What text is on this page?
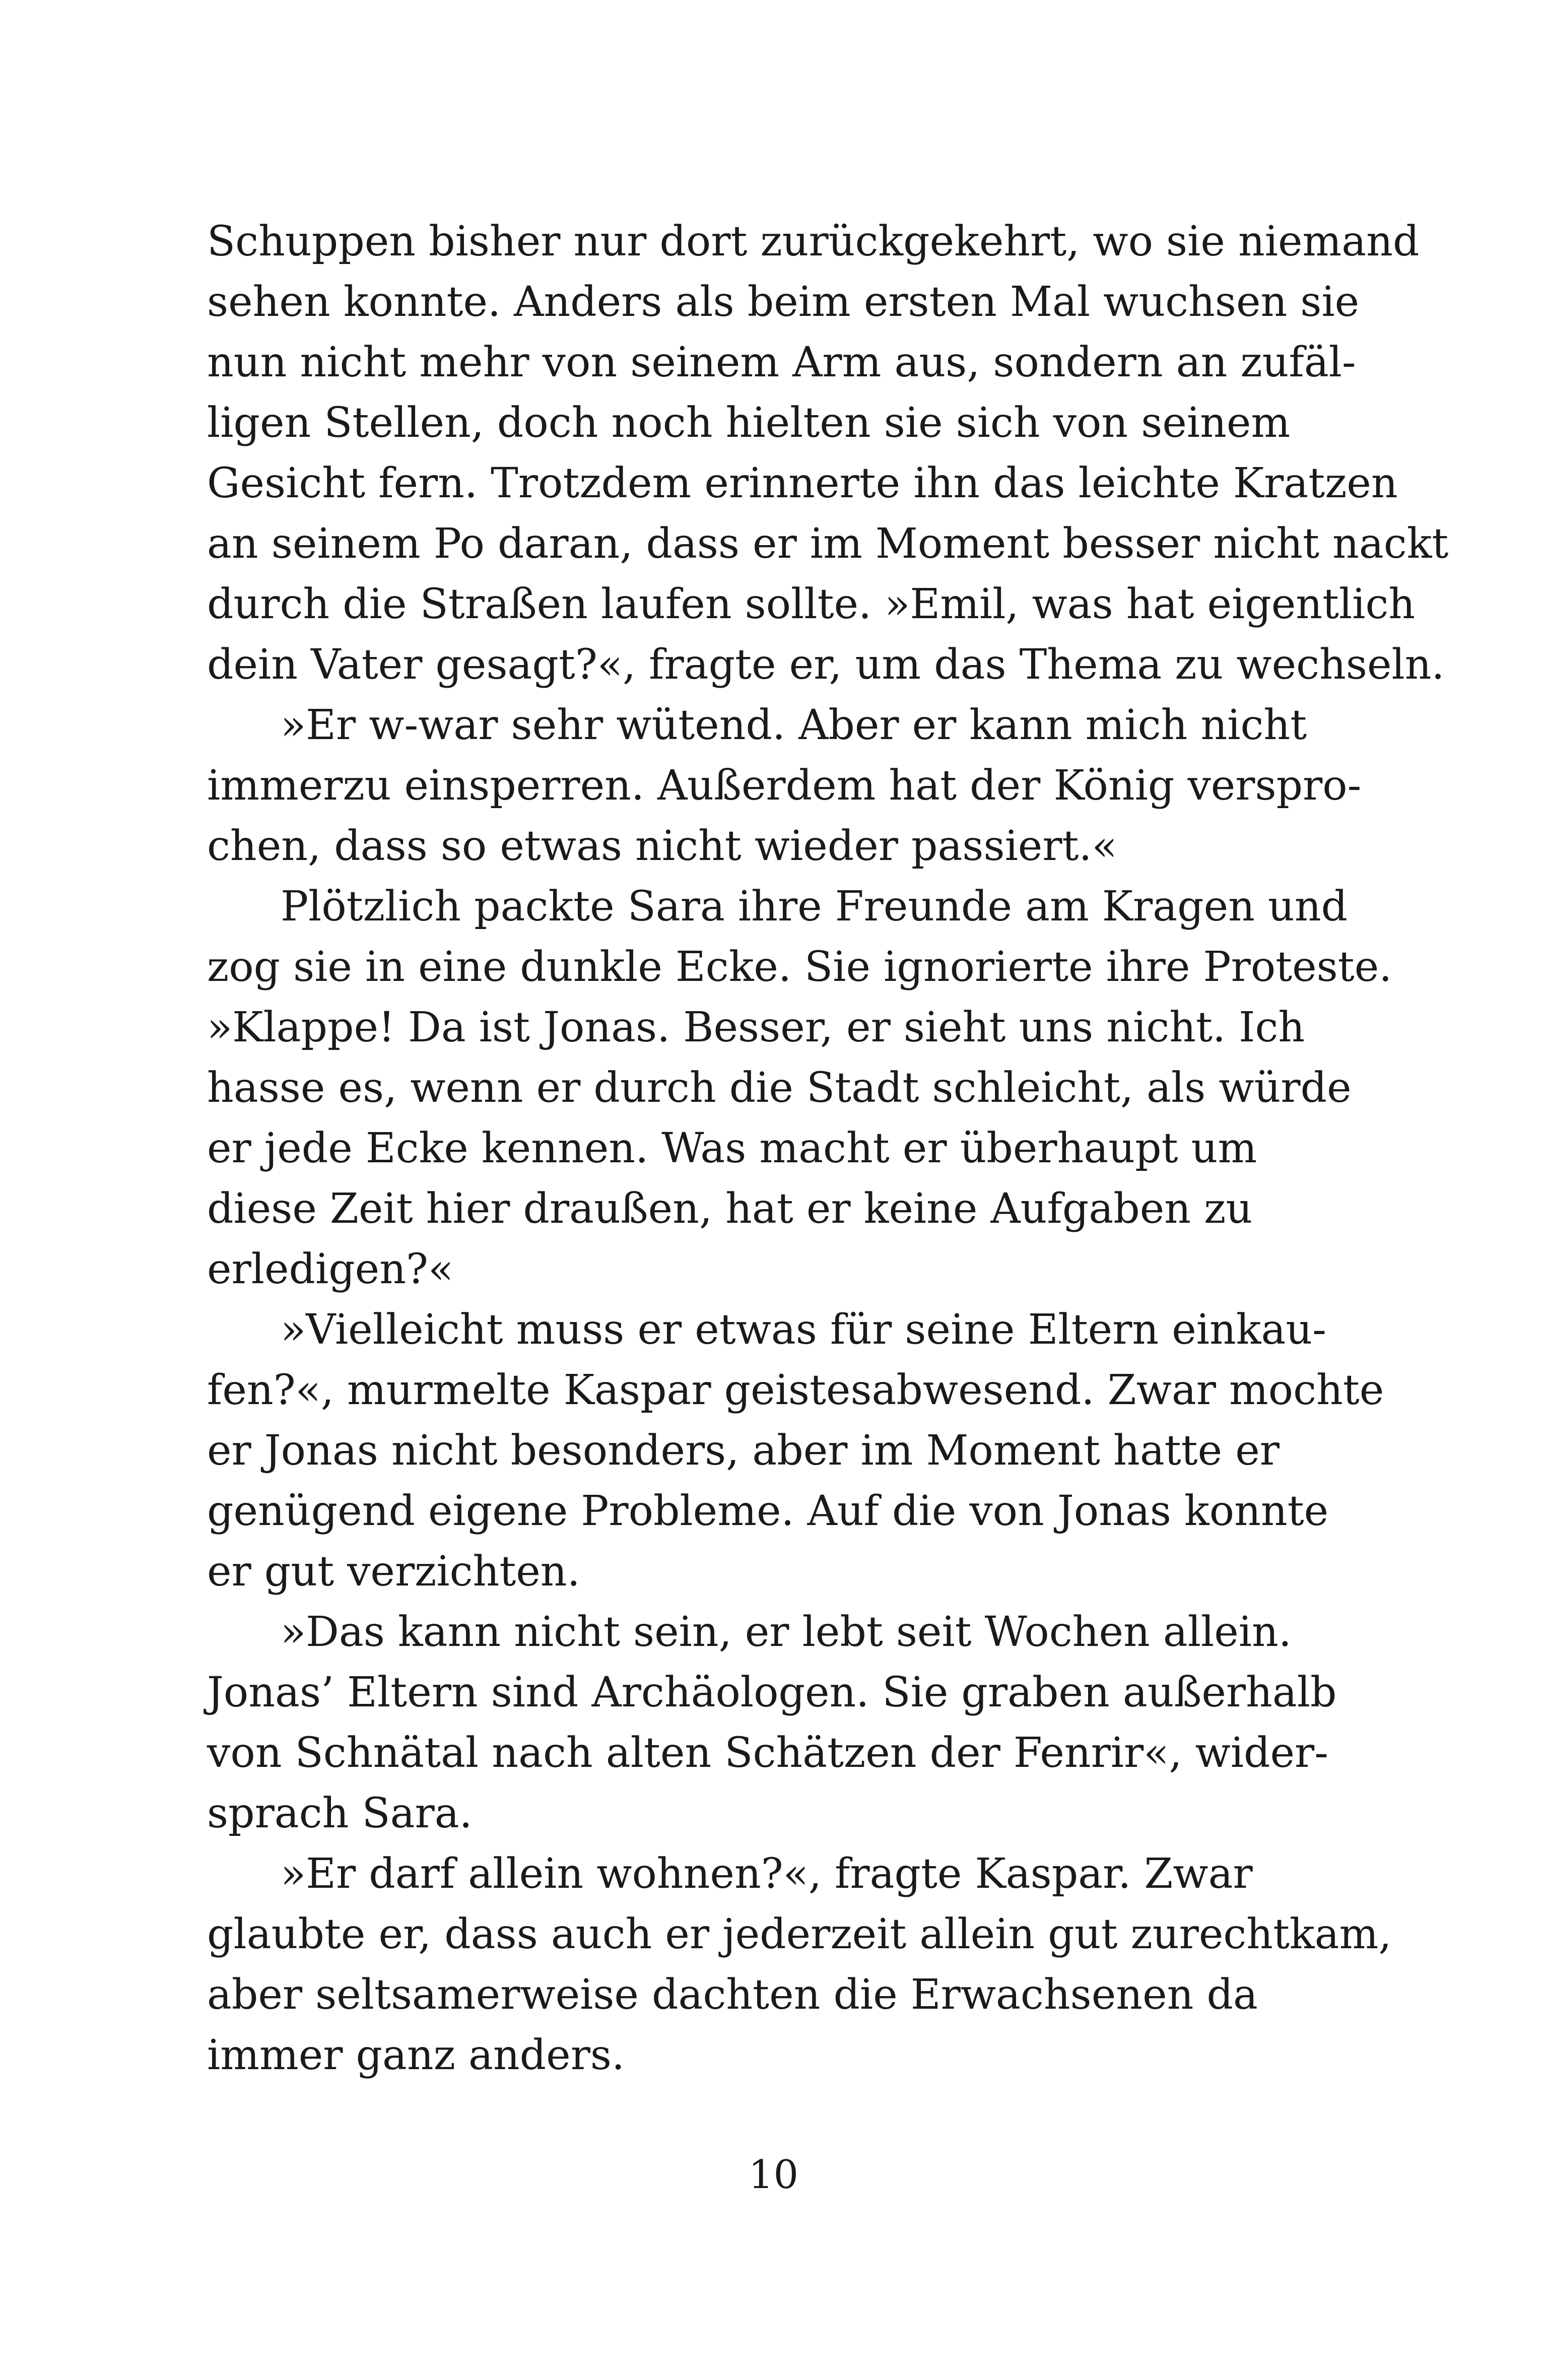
Schuppen bisher nur dort zurückgekehrt, wo sie niemand
sehen konnte. Anders als beim ersten Mal wuchsen sie
nun nicht mehr von seinem Arm aus, sondern an zufäl-
ligen Stellen, doch noch hielten sie sich von seinem
Gesicht fern. Trotzdem erinnerte ihn das leichte Kratzen
an seinem Po daran, dass er im Moment besser nicht nackt
durch die Straßen laufen sollte. »Emil, was hat eigentlich
dein Vater gesagt?«, fragte er, um das Thema zu wechseln.
»Er w-war sehr wütend. Aber er kann mich nicht
immerzu einsperren. Außerdem hat der König verspro-
chen, dass so etwas nicht wieder passiert.«
Plötzlich packte Sara ihre Freunde am Kragen und
zog sie in eine dunkle Ecke. Sie ignorierte ihre Proteste.
»Klappe! Da ist Jonas. Besser, er sieht uns nicht. Ich
hasse es, wenn er durch die Stadt schleicht, als würde
er jede Ecke kennen. Was macht er überhaupt um
diese Zeit hier draußen, hat er keine Aufgaben zu
erledigen?«
»Vielleicht muss er etwas für seine Eltern einkau-
fen?«, murmelte Kaspar geistesabwesend. Zwar mochte
er Jonas nicht besonders, aber im Moment hatte er
genügend eigene Probleme. Auf die von Jonas konnte
er gut verzichten.
»Das kann nicht sein, er lebt seit Wochen allein.
Jonas’ Eltern sind Archäologen. Sie graben außerhalb
von Schnätal nach alten Schätzen der Fenrir«, wider-
sprach Sara.
»Er darf allein wohnen?«, fragte Kaspar. Zwar
glaubte er, dass auch er jederzeit allein gut zurechtkam,
aber seltsamerweise dachten die Erwachsenen da
immer ganz anders.
10
